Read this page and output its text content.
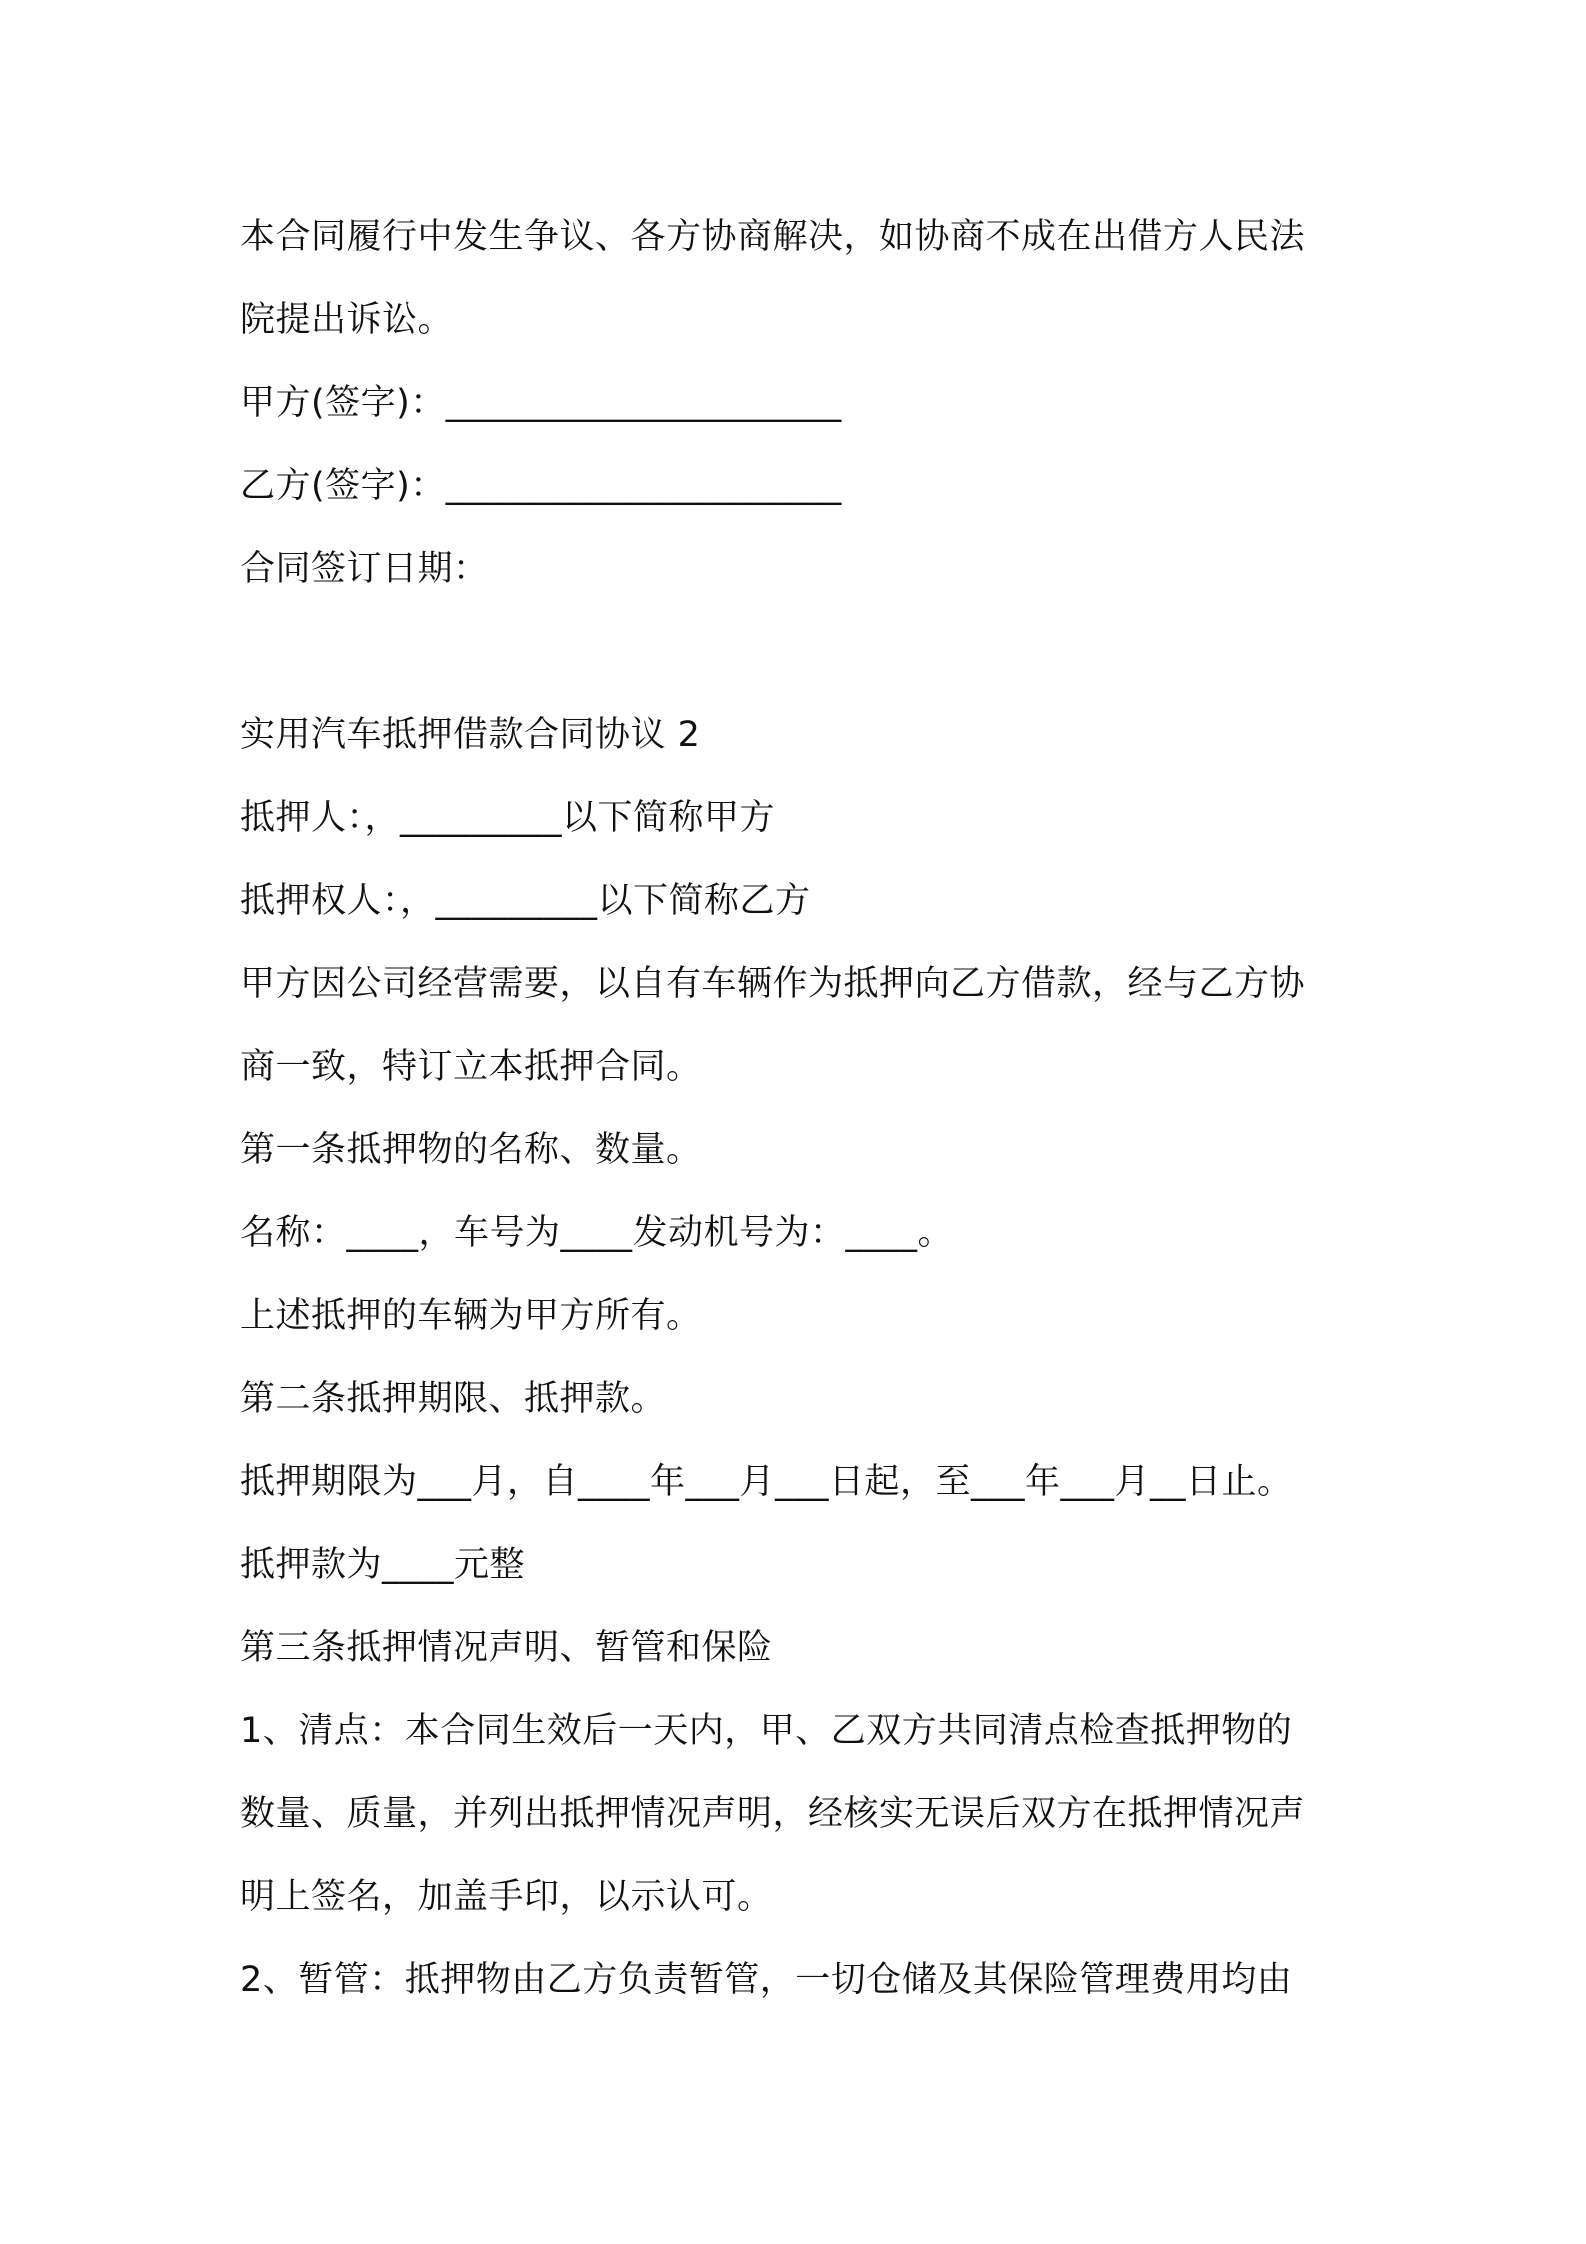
本合同履行中发生争议、各方协商解决，如协商不成在出借方人民法
院提出诉讼。
甲方(签字)：______________________
乙方(签字)：______________________
合同签订日期：
实用汽车抵押借款合同协议 2
抵押人：，_________以下简称甲方
抵押权人：，_________以下简称乙方
甲方因公司经营需要，以自有车辆作为抵押向乙方借款，经与乙方协
商一致，特订立本抵押合同。
第一条抵押物的名称、数量。
名称：____，车号为____发动机号为：____。
上述抵押的车辆为甲方所有。
第二条抵押期限、抵押款。
抵押期限为___月，自____年___月___日起，至___年___月__日止。
抵押款为____元整
第三条抵押情况声明、暂管和保险
1、清点：本合同生效后一天内，甲、乙双方共同清点检查抵押物的
数量、质量，并列出抵押情况声明，经核实无误后双方在抵押情况声
明上签名，加盖手印，以示认可。
2、暂管：抵押物由乙方负责暂管，一切仓储及其保险管理费用均由
